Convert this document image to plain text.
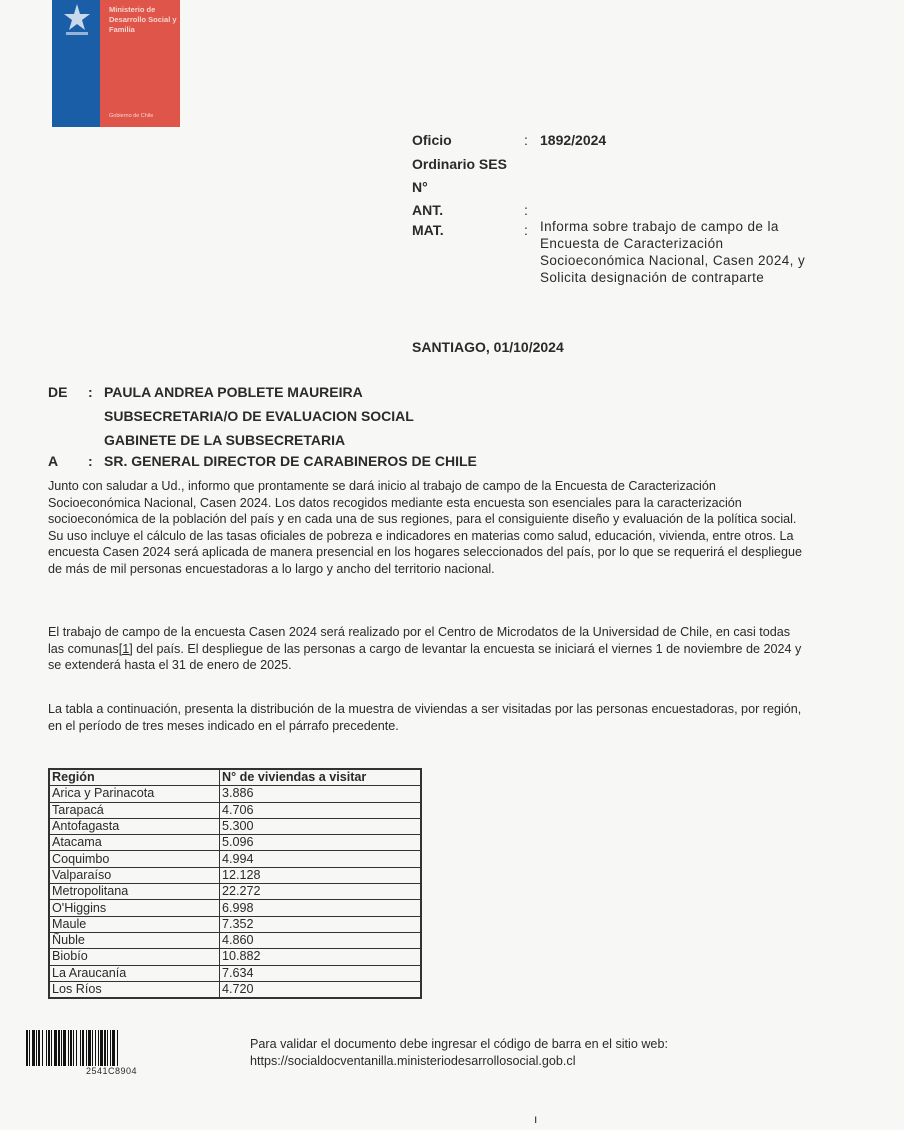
Ministerio de Desarrollo Social y Familia
Gobierno de Chile
Oficio	: 1892/2024
Ordinario SES
N°
ANT.	:
MAT.	: Informa sobre trabajo de campo de la Encuesta de Caracterización Socioeconómica Nacional, Casen 2024, y Solicita designación de contraparte
SANTIAGO, 01/10/2024
DE : PAULA ANDREA POBLETE MAUREIRA
SUBSECRETARIA/O DE EVALUACION SOCIAL
GABINETE DE LA SUBSECRETARIA
A : SR. GENERAL DIRECTOR DE CARABINEROS DE CHILE
Junto con saludar a Ud., informo que prontamente se dará inicio al trabajo de campo de la Encuesta de Caracterización Socioeconómica Nacional, Casen 2024. Los datos recogidos mediante esta encuesta son esenciales para la caracterización socioeconómica de la población del país y en cada una de sus regiones, para el consiguiente diseño y evaluación de la política social. Su uso incluye el cálculo de las tasas oficiales de pobreza e indicadores en materias como salud, educación, vivienda, entre otros. La encuesta Casen 2024 será aplicada de manera presencial en los hogares seleccionados del país, por lo que se requerirá el despliegue de más de mil personas encuestadoras a lo largo y ancho del territorio nacional.
El trabajo de campo de la encuesta Casen 2024 será realizado por el Centro de Microdatos de la Universidad de Chile, en casi todas las comunas[1] del país. El despliegue de las personas a cargo de levantar la encuesta se iniciará el viernes 1 de noviembre de 2024 y se extenderá hasta el 31 de enero de 2025.
La tabla a continuación, presenta la distribución de la muestra de viviendas a ser visitadas por las personas encuestadoras, por región, en el período de tres meses indicado en el párrafo precedente.
Región	N° de viviendas a visitar
Arica y Parinacota	3.886
Tarapacá	4.706
Antofagasta	5.300
Atacama	5.096
Coquimbo	4.994
Valparaíso	12.128
Metropolitana	22.272
O'Higgins	6.998
Maule	7.352
Ñuble	4.860
Biobío	10.882
La Araucanía	7.634
Los Ríos	4.720
2541C8904
Para validar el documento debe ingresar el código de barra en el sitio web:
https://socialdocventanilla.ministeriodesarrollosocial.gob.cl
ı
